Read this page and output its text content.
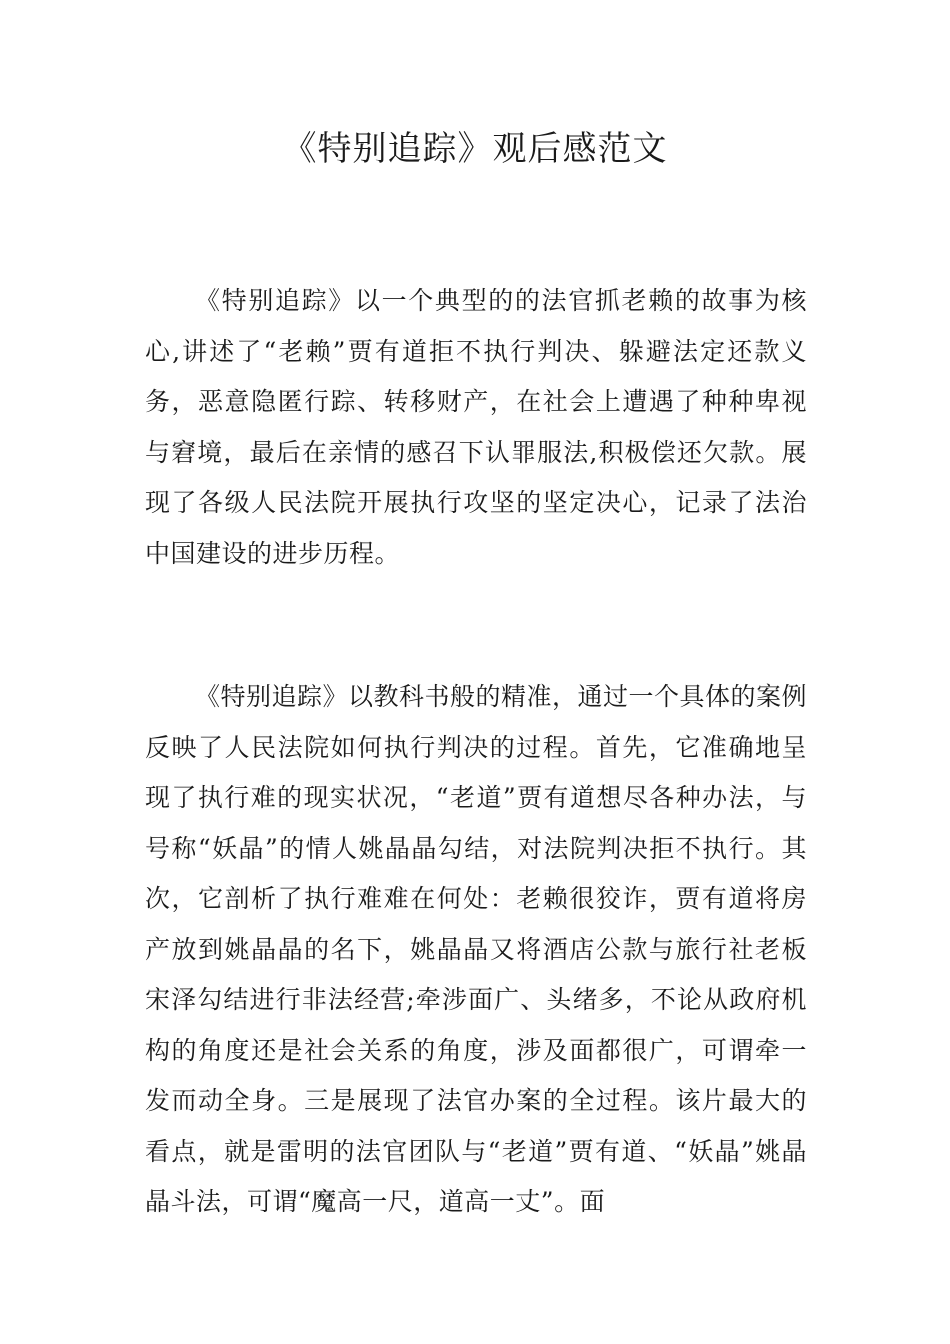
《特别追踪》观后感范文

《特别追踪》以一个典型的的法官抓老赖的故事为核心,讲述了“老赖”贾有道拒不执行判决、躲避法定还款义务，恶意隐匿行踪、转移财产，在社会上遭遇了种种卑视与窘境，最后在亲情的感召下认罪服法,积极偿还欠款。展现了各级人民法院开展执行攻坚的坚定决心，记录了法治中国建设的进步历程。

《特别追踪》以教科书般的精准，通过一个具体的案例反映了人民法院如何执行判决的过程。首先，它准确地呈现了执行难的现实状况，“老道”贾有道想尽各种办法，与号称“妖晶”的情人姚晶晶勾结，对法院判决拒不执行。其次，它剖析了执行难难在何处：老赖很狡诈，贾有道将房产放到姚晶晶的名下，姚晶晶又将酒店公款与旅行社老板宋泽勾结进行非法经营;牵涉面广、头绪多，不论从政府机构的角度还是社会关系的角度，涉及面都很广，可谓牵一发而动全身。三是展现了法官办案的全过程。该片最大的看点，就是雷明的法官团队与“老道”贾有道、“妖晶”姚晶晶斗法，可谓“魔高一尺，道高一丈”。面
